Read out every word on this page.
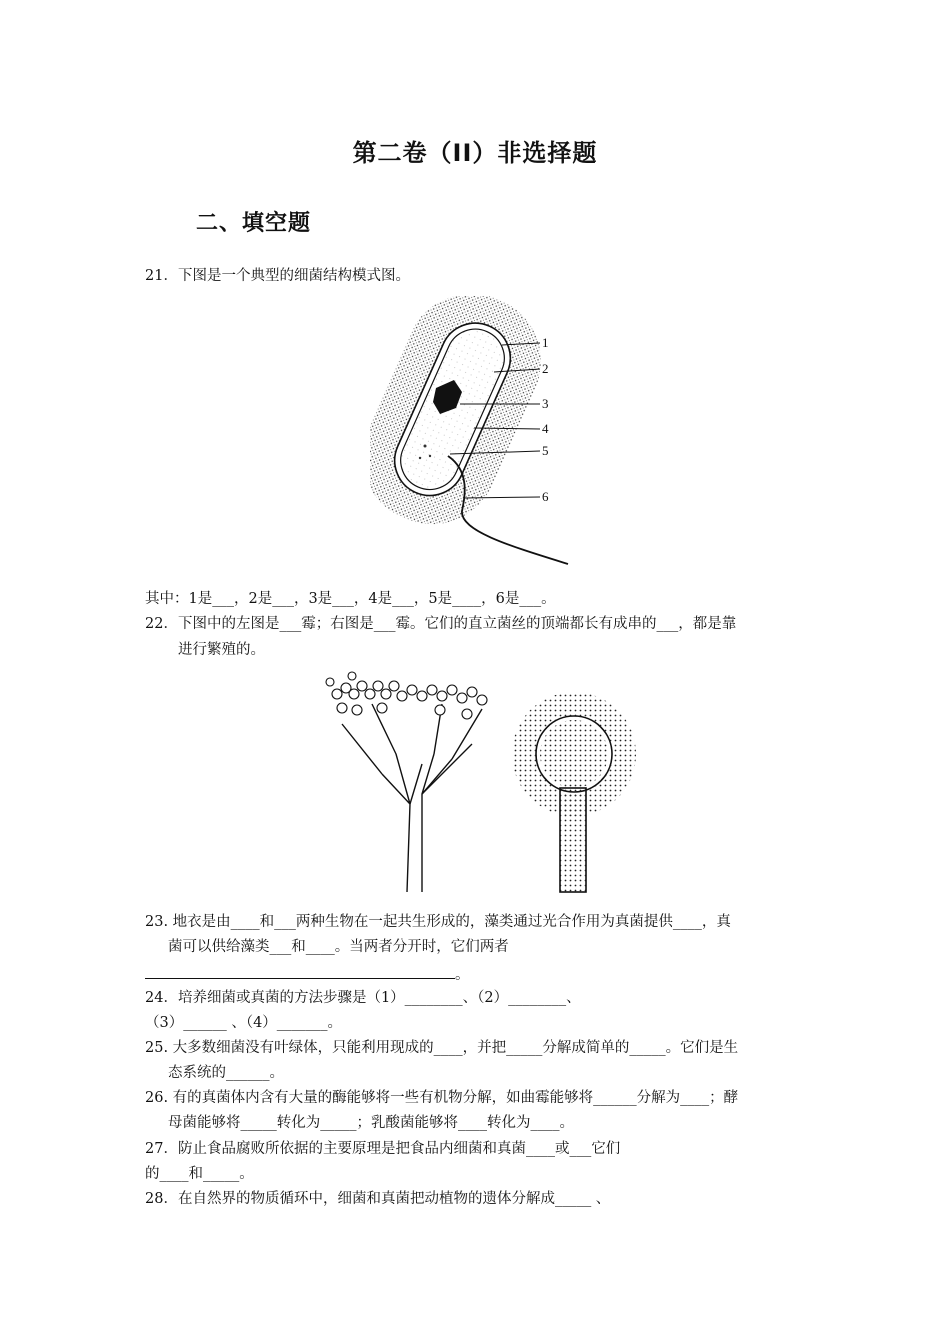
第二卷（II）非选择题
二、填空题
21．下图是一个典型的细菌结构模式图。
1
2
3
4
5
6
其中：1是___，2是___，3是___，4是___，5是____，6是___。
22．下图中的左图是___霉；右图是___霉。它们的直立菌丝的顶端都长有成串的___，都是靠
进行繁殖的。
23. 地衣是由____和___两种生物在一起共生形成的，藻类通过光合作用为真菌提供____，真
菌可以供给藻类___和____。当两者分开时，它们两者
。
24．培养细菌或真菌的方法步骤是（1）________、（2）________、
（3）______ 、（4）_______。
25. 大多数细菌没有叶绿体，只能利用现成的____，并把_____分解成简单的_____。它们是生
态系统的______。
26. 有的真菌体内含有大量的酶能够将一些有机物分解，如曲霉能够将______分解为____；酵
母菌能够将_____转化为_____；乳酸菌能够将____转化为____。
27．防止食品腐败所依据的主要原理是把食品内细菌和真菌____或___它们
的____和_____。
28．在自然界的物质循环中，细菌和真菌把动植物的遗体分解成_____ 、
